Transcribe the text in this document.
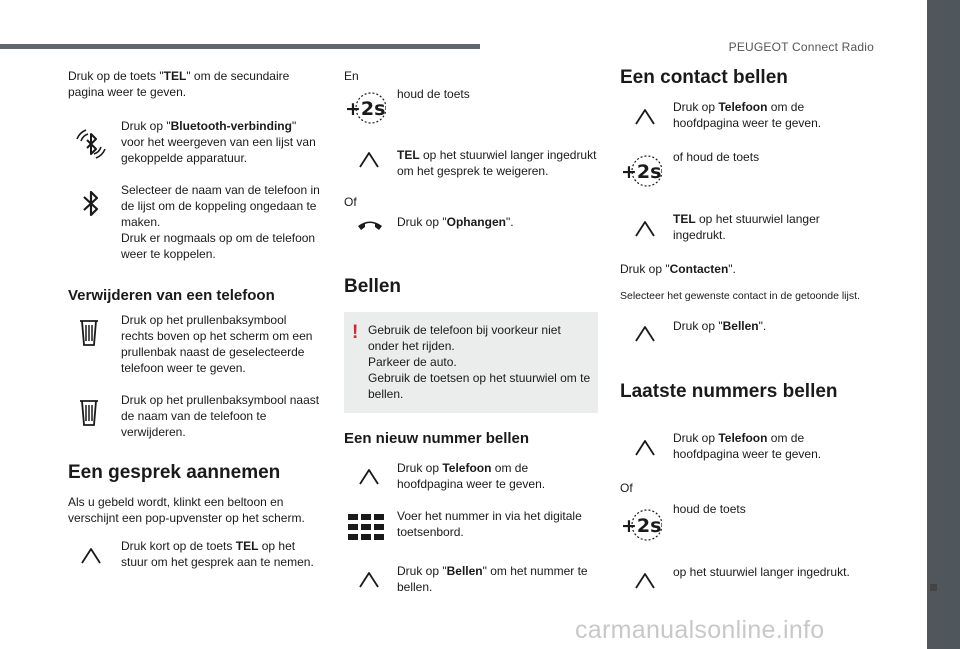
PEUGEOT Connect Radio
15
carmanualsonline.info

Druk op de toets "TEL" om de secundaire pagina weer te geven.

Druk op "Bluetooth-verbinding" voor het weergeven van een lijst van gekoppelde apparatuur.

Selecteer de naam van de telefoon in de lijst om de koppeling ongedaan te maken.
Druk er nogmaals op om de telefoon weer te koppelen.

Verwijderen van een telefoon

Druk op het prullenbaksymbool rechts boven op het scherm om een prullenbak naast de geselecteerde telefoon weer te geven.

Druk op het prullenbaksymbool naast de naam van de telefoon te verwijderen.

Een gesprek aannemen

Als u gebeld wordt, klinkt een beltoon en verschijnt een pop-upvenster op het scherm.

Druk kort op de toets TEL op het stuur om het gesprek aan te nemen.

En

+2s

houd de toets

TEL op het stuurwiel langer ingedrukt om het gesprek te weigeren.

Of

Druk op "Ophangen".

Bellen
! Gebruik de telefoon bij voorkeur niet onder het rijden.
Parkeer de auto.
Gebruik de toetsen op het stuurwiel om te bellen.

Een nieuw nummer bellen

Druk op Telefoon om de hoofdpagina weer te geven.

Voer het nummer in via het digitale toetsenbord.

Druk op "Bellen" om het nummer te bellen.

Een contact bellen

Druk op Telefoon om de hoofdpagina weer te geven.

+2s

of houd de toets

TEL op het stuurwiel langer ingedrukt.

Druk op "Contacten".

Selecteer het gewenste contact in de getoonde lijst.

Druk op "Bellen".

Laatste nummers bellen

Druk op Telefoon om de hoofdpagina weer te geven.

Of

+2s

houd de toets

op het stuurwiel langer ingedrukt.
